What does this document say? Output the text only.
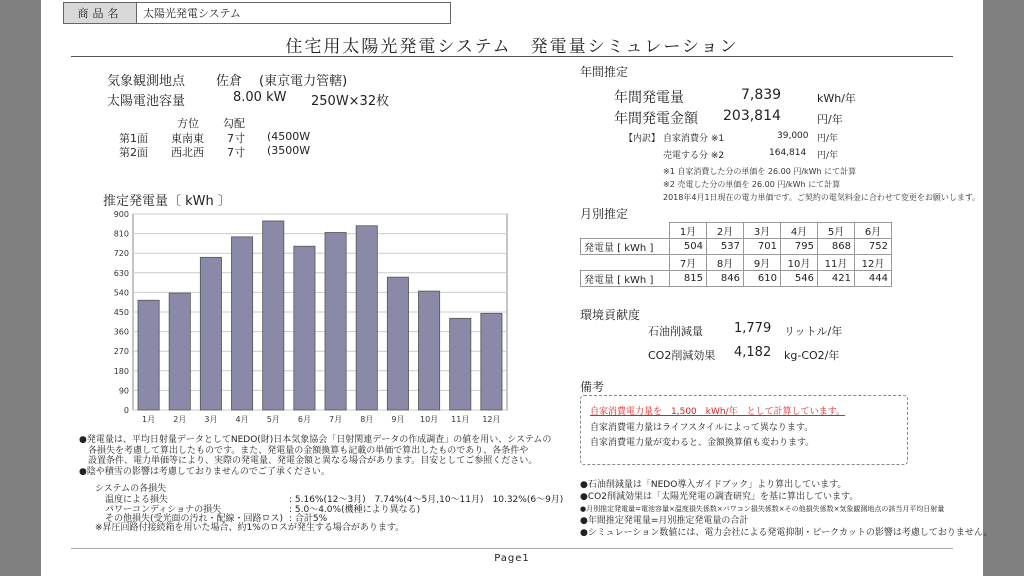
商品名	太陽光発電システム
住宅用太陽光発電システム　発電量シミュレーション
気象観測地点 佐倉 (東京電力管轄)
太陽電池容量	8.00 kW 250W×32枚
方位 勾配
第1面 東南東 7寸 (4500W
第2面 西北西 7寸 (3500W
推定発電量〔 kWh 〕
0
90
180
270
360
450
540
630
720
810
900
1月 2月 3月 4月 5月 6月 7月 8月 9月 10月 11月 12月
●発電量は、平均日射量データとしてNEDO(財)日本気象協会「日射関連データの作成調査」の値を用い、システムの
　各損失を考慮して算出したものです。また、発電量の金額換算も記載の単価で算出したものであり、各条件や
　設置条件、電力単価等により、実際の発電量、発電金額と異なる場合があります。目安としてご参照ください。
●陰や積雪の影響は考慮しておりませんのでご了承ください。
システムの各損失
温度による損失	: 5.16%(12〜3月)　7.74%(4〜5月,10〜11月)　10.32%(6〜9月)
パワーコンディショナの損失	: 5.0〜4.0%(機種により異なる)
その他損失(受光面の汚れ・配線・回路ロス) : 合計5%
※昇圧回路付接続箱を用いた場合、約1%のロスが発生する場合があります。
年間推定
年間発電量	7,839	kWh/年
年間発電金額 203,814	円/年
【内訳】 自家消費分 ※1	39,000 円/年
売電する分 ※2	164,814 円/年
※1 自家消費した分の単価を 26.00 円/kWh にて計算
※2 売電した分の単価を 26.00 円/kWh にて計算
2018年4月1日現在の電力単価です。ご契約の電気料金に合わせて変更をお願いします。
月別推定
	1月	2月	3月	4月	5月	6月
発電量 [ kWh ]	504	537	701	795	868	752
	7月	8月	9月	10月	11月	12月
発電量 [ kWh ]	815	846	610	546	421	444
環境貢献度
石油削減量 1,779 リットル/年
CO2削減効果 4,182 kg-CO2/年
備考
自家消費電力量を　1,500　kWh/年　として計算しています。
自家消費電力量はライフスタイルによって異なります。
自家消費電力量が変わると、金額換算値も変わります。
●石油削減量は「NEDO導入ガイドブック」より算出しています。
●CO2削減効果は「太陽光発電の調査研究」を基に算出しています。
●月別推定発電量=電池容量×温度損失係数×パワコン損失係数×その他損失係数×気象観測地点の該当月平均日射量
●年間推定発電量=月別推定発電量の合計
●シミュレーション数値には、電力会社による発電抑制・ピークカットの影響は考慮しておりません。
Page1
